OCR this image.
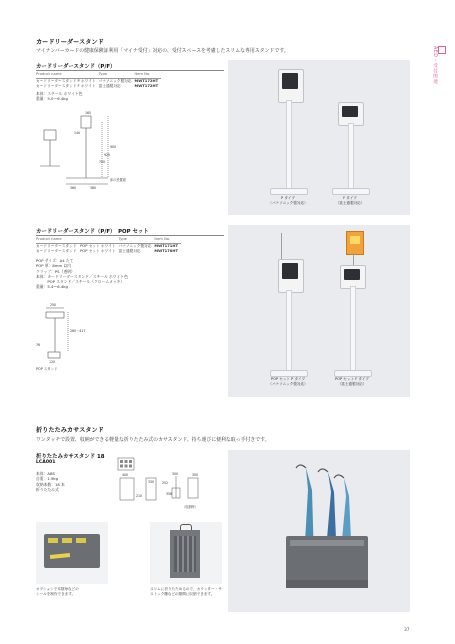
AED・受付関連
カードリーダースタンド
マイナンバーカードの健康保険証利用「マイナ受付」対応の、受付スペースを考慮したスリムな専用スタンドです。
カードリーダースタンド（P/F）
Product name	Type	Item No.
カードリーダースタンド P ホワイト	パナソニック製対応	MWT172HT
カードリーダースタンド F ホワイト	富士通製対応	MWT172HT
本体：スチール ホワイト色
重量：5.0〜6.4kg
165
140
900
925
700
360	380
床の設置面
P タイプ
（パナソニック製対応）
F タイプ
（富士通製対応）
カードリーダースタンド（P/F）　POP セット
Product name	Type	Item No.
カードリーダースタンド　POP セット ホワイト	パナソニック製対応	MWT171HT
カードリーダースタンド　POP セット ホワイト	富士通製対応	MWT170HT
POP サイズ：A4 たて
POP 厚：8mm 以内
クリップ：PS（透明）
本体：カードリーダースタンド／スチール ホワイト色
　　　POP スタンド／スチール（クロームメッキ）
重量：5.4〜6.4kg
250
260〜417
76
120
POP スタンド
POP セット P タイプ
（パナソニック製対応）
POP セット F タイプ
（富士通製対応）
折りたたみカサスタンド
ワンタッチで設置、収納ができる軽量な折りたたみ式のカサスタンド。持ち運びに便利な取っ手付きです。
折りたたみカサスタンド 18
LCA001
本体：ABS
自重：1.9kg
収納本数：18 本
折りたたみ式
400
330
210
300
252
300
358
（収納時）
オプションで本数毎などの
シールを制作できます。
スリムに折りたためるので、カウンター・サ
ストック棚などの隙間に収納できます。
37
